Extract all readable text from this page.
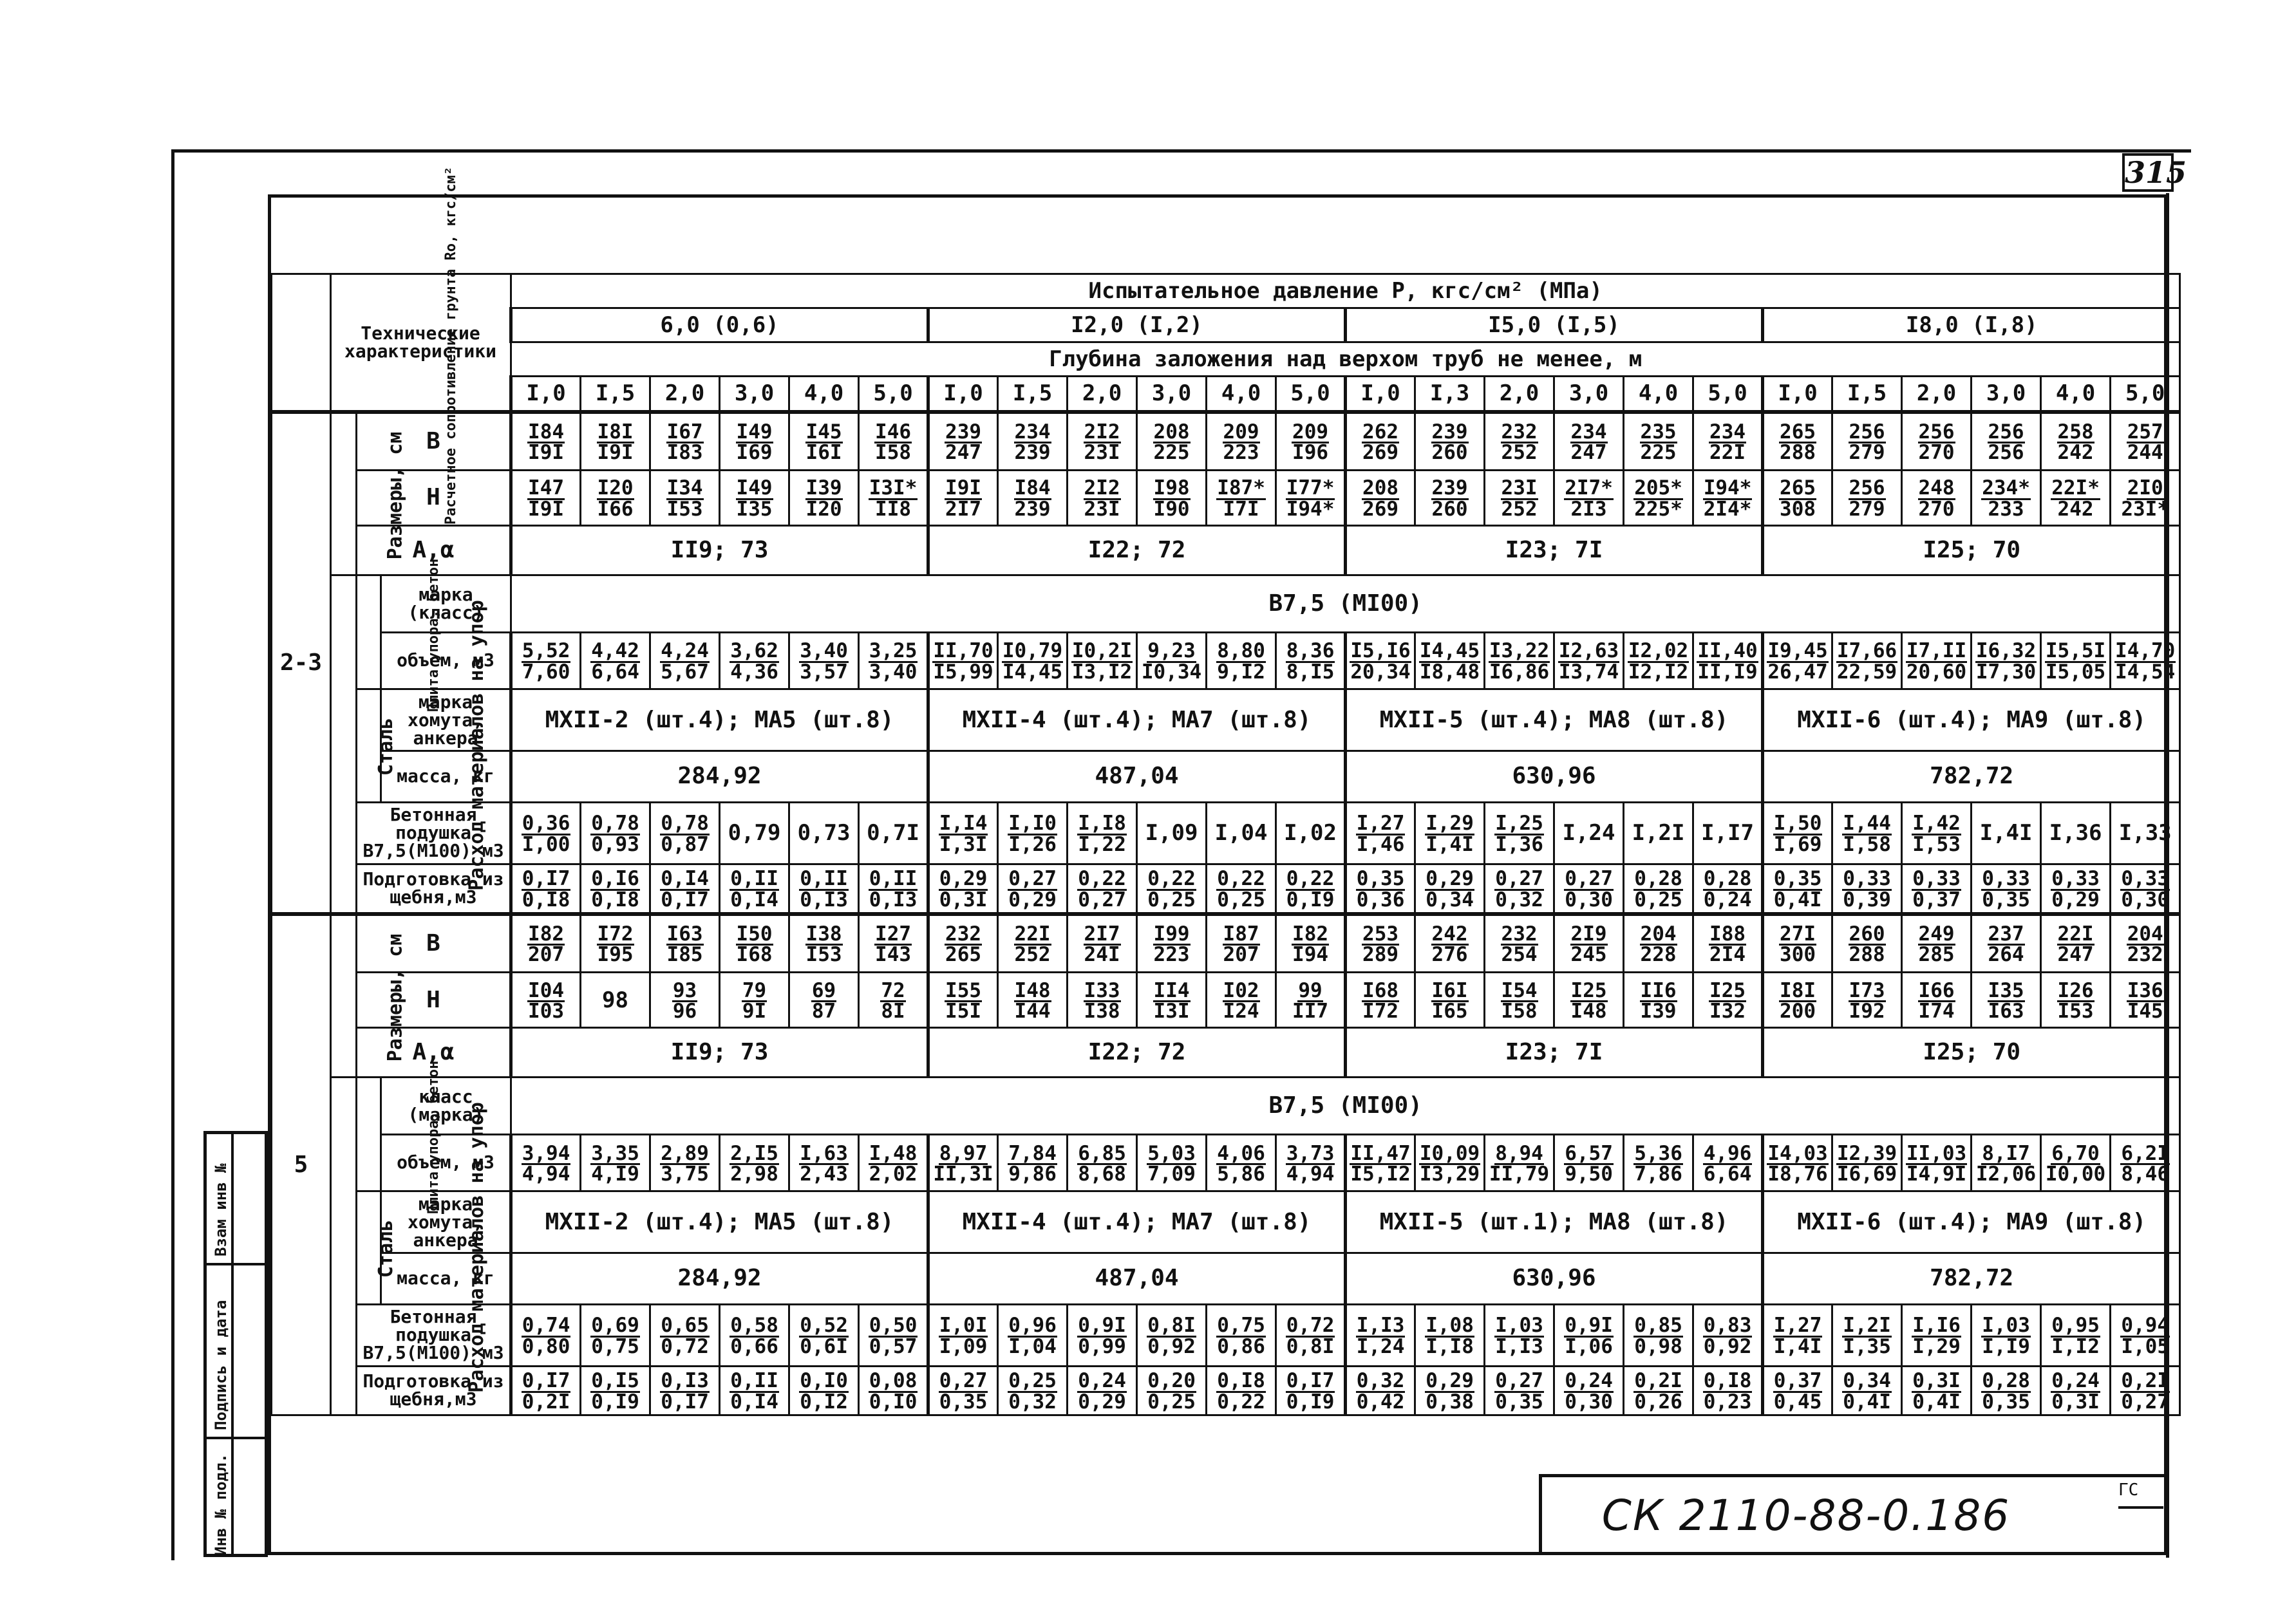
315
Расчетное сопротивление грунта Ro, кгс/см²	Технические характеристики			Испытательное давление P, кгс/см² (МПа)																							
				6,0 (0,6)						I2,0 (I,2)						I5,0 (I,5)						I8,0 (I,8)					
				Глубина заложения над верхом труб не менее, м																							
				I,0	I,5	2,0	3,0	4,0	5,0	I,0	I,5	2,0	3,0	4,0	5,0	I,0	I,3	2,0	3,0	4,0	5,0	I,0	I,5	2,0	3,0	4,0	5,0
2-3	Размеры, см	В		$\frac{I84}{I9I}$	$\frac{I8I}{I9I}$	$\frac{I67}{I83}$	$\frac{I49}{I69}$	$\frac{I45}{I6I}$	$\frac{I46}{I58}$	$\frac{239}{247}$	$\frac{234}{239}$	$\frac{2I2}{23I}$	$\frac{208}{225}$	$\frac{209}{223}$	$\frac{209}{I96}$	$\frac{262}{269}$	$\frac{239}{260}$	$\frac{232}{252}$	$\frac{234}{247}$	$\frac{235}{225}$	$\frac{234}{22I}$	$\frac{265}{288}$	$\frac{256}{279}$	$\frac{256}{270}$	$\frac{256}{256}$	$\frac{258}{242}$	$\frac{257}{244}$

		Н		$\frac{I47}{I9I}$	$\frac{I20}{I66}$	$\frac{I34}{I53}$	$\frac{I49}{I35}$	$\frac{I39}{I20}$	$\frac{I3I*}{II8}$	$\frac{I9I}{2I7}$	$\frac{I84}{239}$	$\frac{2I2}{23I}$	$\frac{I98}{I90}$	$\frac{I87*}{I7I}$	$\frac{I77*}{I94*}$	$\frac{208}{269}$	$\frac{239}{260}$	$\frac{23I}{252}$	$\frac{2I7*}{2I3}$	$\frac{205*}{225*}$	$\frac{I94*}{2I4*}$	$\frac{265}{308}$	$\frac{256}{279}$	$\frac{248}{270}$	$\frac{234*}{233}$	$\frac{22I*}{242}$	$\frac{2I0}{23I*}$

		А,α		II9; 73						I22; 72						I23; 7I						I25; 70					
	Расход материалов на упор	Плита упора, бетон	марка (класс)	В7,5 (МI00)																							
			объем, м3	$\frac{5,52}{7,60}$	$\frac{4,42}{6,64}$	$\frac{4,24}{5,67}$	$\frac{3,62}{4,36}$	$\frac{3,40}{3,57}$	$\frac{3,25}{3,40}$	$\frac{II,70}{I5,99}$	$\frac{I0,79}{I4,45}$	$\frac{I0,2I}{I3,I2}$	$\frac{9,23}{I0,34}$	$\frac{8,80}{9,I2}$	$\frac{8,36}{8,I5}$	$\frac{I5,I6}{20,34}$	$\frac{I4,45}{I8,48}$	$\frac{I3,22}{I6,86}$	$\frac{I2,63}{I3,74}$	$\frac{I2,02}{I2,I2}$	$\frac{II,40}{II,I9}$	$\frac{I9,45}{26,47}$	$\frac{I7,66}{22,59}$	$\frac{I7,II}{20,60}$	$\frac{I6,32}{I7,30}$	$\frac{I5,5I}{I5,05}$	$\frac{I4,70}{I4,54}$

		Сталь	марка хомута, анкера	МХII-2 (шт.4); МА5 (шт.8)						МХII-4 (шт.4); МА7 (шт.8)						МХII-5 (шт.4); МА8 (шт.8)						МХII-6 (шт.4); МА9 (шт.8)					
			масса, кг	284,92						487,04						630,96						782,72					
		Бетонная подушка В7,5(М100) м3		$\frac{0,36}{I,00}$	$\frac{0,78}{0,93}$	$\frac{0,78}{0,87}$	0,79	0,73	0,7I	$\frac{I,I4}{I,3I}$	$\frac{I,I0}{I,26}$	$\frac{I,I8}{I,22}$	I,09	I,04	I,02	$\frac{I,27}{I,46}$	$\frac{I,29}{I,4I}$	$\frac{I,25}{I,36}$	I,24	I,2I	I,I7	$\frac{I,50}{I,69}$	$\frac{I,44}{I,58}$	$\frac{I,42}{I,53}$	I,4I	I,36	I,33
		Подготовка из щебня,м3		$\frac{0,I7}{0,I8}$	$\frac{0,I6}{0,I8}$	$\frac{0,I4}{0,I7}$	$\frac{0,II}{0,I4}$	$\frac{0,II}{0,I3}$	$\frac{0,II}{0,I3}$	$\frac{0,29}{0,3I}$	$\frac{0,27}{0,29}$	$\frac{0,22}{0,27}$	$\frac{0,22}{0,25}$	$\frac{0,22}{0,25}$	$\frac{0,22}{0,I9}$	$\frac{0,35}{0,36}$	$\frac{0,29}{0,34}$	$\frac{0,27}{0,32}$	$\frac{0,27}{0,30}$	$\frac{0,28}{0,25}$	$\frac{0,28}{0,24}$	$\frac{0,35}{0,4I}$	$\frac{0,33}{0,39}$	$\frac{0,33}{0,37}$	$\frac{0,33}{0,35}$	$\frac{0,33}{0,29}$	$\frac{0,33}{0,30}$

5	Размеры, см	В		$\frac{I82}{207}$	$\frac{I72}{I95}$	$\frac{I63}{I85}$	$\frac{I50}{I68}$	$\frac{I38}{I53}$	$\frac{I27}{I43}$	$\frac{232}{265}$	$\frac{22I}{252}$	$\frac{2I7}{24I}$	$\frac{I99}{223}$	$\frac{I87}{207}$	$\frac{I82}{I94}$	$\frac{253}{289}$	$\frac{242}{276}$	$\frac{232}{254}$	$\frac{2I9}{245}$	$\frac{204}{228}$	$\frac{I88}{2I4}$	$\frac{27I}{300}$	$\frac{260}{288}$	$\frac{249}{285}$	$\frac{237}{264}$	$\frac{22I}{247}$	$\frac{204}{232}$

		Н		$\frac{I04}{I03}$	98	$\frac{93}{96}$	$\frac{79}{9I}$	$\frac{69}{87}$	$\frac{72}{8I}$	$\frac{I55}{I5I}$	$\frac{I48}{I44}$	$\frac{I33}{I38}$	$\frac{II4}{I3I}$	$\frac{I02}{I24}$	$\frac{99}{II7}$	$\frac{I68}{I72}$	$\frac{I6I}{I65}$	$\frac{I54}{I58}$	$\frac{I25}{I48}$	$\frac{II6}{I39}$	$\frac{I25}{I32}$	$\frac{I8I}{200}$	$\frac{I73}{I92}$	$\frac{I66}{I74}$	$\frac{I35}{I63}$	$\frac{I26}{I53}$	$\frac{I36}{I45}$

		А,α		II9; 73						I22; 72						I23; 7I						I25; 70					
	Расход материалов на упор	Плита упора, бетон	класс (марка)	В7,5 (МI00)																							
			объем, м3	$\frac{3,94}{4,94}$	$\frac{3,35}{4,I9}$	$\frac{2,89}{3,75}$	$\frac{2,I5}{2,98}$	$\frac{I,63}{2,43}$	$\frac{I,48}{2,02}$	$\frac{8,97}{II,3I}$	$\frac{7,84}{9,86}$	$\frac{6,85}{8,68}$	$\frac{5,03}{7,09}$	$\frac{4,06}{5,86}$	$\frac{3,73}{4,94}$	$\frac{II,47}{I5,I2}$	$\frac{I0,09}{I3,29}$	$\frac{8,94}{II,79}$	$\frac{6,57}{9,50}$	$\frac{5,36}{7,86}$	$\frac{4,96}{6,64}$	$\frac{I4,03}{I8,76}$	$\frac{I2,39}{I6,69}$	$\frac{II,03}{I4,9I}$	$\frac{8,I7}{I2,06}$	$\frac{6,70}{I0,00}$	$\frac{6,2I}{8,46}$

		Сталь	марка хомута, анкера	МХII-2 (шт.4); МА5 (шт.8)						МХII-4 (шт.4); МА7 (шт.8)						МХII-5 (шт.1); МА8 (шт.8)						МХII-6 (шт.4); МА9 (шт.8)					
			масса, кг	284,92						487,04						630,96						782,72					
		Бетонная подушка В7,5(М100) м3		$\frac{0,74}{0,80}$	$\frac{0,69}{0,75}$	$\frac{0,65}{0,72}$	$\frac{0,58}{0,66}$	$\frac{0,52}{0,6I}$	$\frac{0,50}{0,57}$	$\frac{I,0I}{I,09}$	$\frac{0,96}{I,04}$	$\frac{0,9I}{0,99}$	$\frac{0,8I}{0,92}$	$\frac{0,75}{0,86}$	$\frac{0,72}{0,8I}$	$\frac{I,I3}{I,24}$	$\frac{I,08}{I,I8}$	$\frac{I,03}{I,I3}$	$\frac{0,9I}{I,06}$	$\frac{0,85}{0,98}$	$\frac{0,83}{0,92}$	$\frac{I,27}{I,4I}$	$\frac{I,2I}{I,35}$	$\frac{I,I6}{I,29}$	$\frac{I,03}{I,I9}$	$\frac{0,95}{I,I2}$	$\frac{0,94}{I,05}$

		Подготовка из щебня,м3		$\frac{0,I7}{0,2I}$	$\frac{0,I5}{0,I9}$	$\frac{0,I3}{0,I7}$	$\frac{0,II}{0,I4}$	$\frac{0,I0}{0,I2}$	$\frac{0,08}{0,I0}$	$\frac{0,27}{0,35}$	$\frac{0,25}{0,32}$	$\frac{0,24}{0,29}$	$\frac{0,20}{0,25}$	$\frac{0,I8}{0,22}$	$\frac{0,I7}{0,I9}$	$\frac{0,32}{0,42}$	$\frac{0,29}{0,38}$	$\frac{0,27}{0,35}$	$\frac{0,24}{0,30}$	$\frac{0,2I}{0,26}$	$\frac{0,I8}{0,23}$	$\frac{0,37}{0,45}$	$\frac{0,34}{0,4I}$	$\frac{0,3I}{0,4I}$	$\frac{0,28}{0,35}$	$\frac{0,24}{0,3I}$	$\frac{0,2I}{0,27}$
Инв № подл.
Подпись и дата
Взам инв №
СК 2110-88-0.186
ГС
